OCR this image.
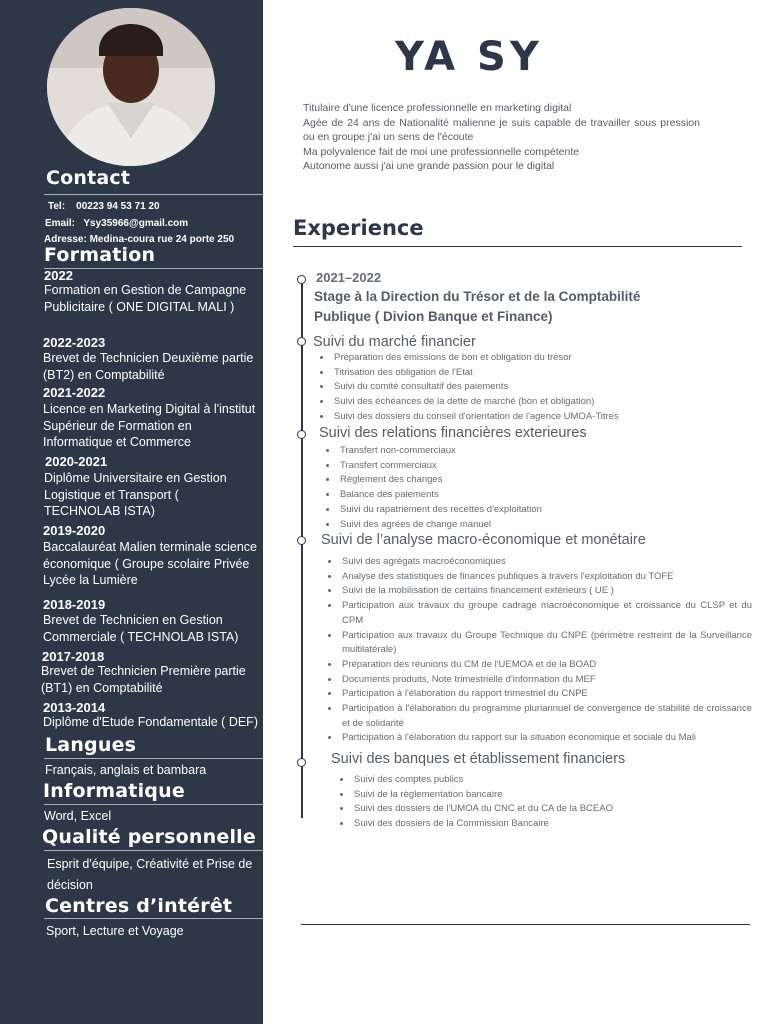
Contact
Tel: 00223 94 53 71 20
Email: Ysy35966@gmail.com
Adresse: Medina-coura rue 24 porte 250
Formation
2022
Formation en Gestion de Campagne Publicitaire ( ONE DIGITAL MALI )
2022-2023
Brevet de Technicien Deuxième partie (BT2) en Comptabilité
2021-2022
Licence en Marketing Digital à l'institut Supérieur de Formation en Informatique et Commerce
2020-2021
Diplôme Universitaire en Gestion Logistique et Transport ( TECHNOLAB ISTA)
2019-2020
Baccalauréat Malien terminale science économique ( Groupe scolaire Privée Lycée la Lumière
2018-2019
Brevet de Technicien en Gestion Commerciale ( TECHNOLAB ISTA)
2017-2018
Brevet de Technicien Première partie (BT1) en Comptabilité
2013-2014
Diplôme d'Etude Fondamentale ( DEF)
Langues
Français, anglais et bambara
Informatique
Word, Excel
Qualité personnelle
Esprit d'équipe, Créativité et Prise de décision
Centres d’intérêt
Sport, Lecture et Voyage
YA SY
Titulaire d'une licence professionnelle en marketing digital
Agée de 24 ans de Nationalité malienne je suis capable de travailler sous pression ou en groupe j'ai un sens de l'écoute
Ma polyvalence fait de moi une professionnelle compétente
Autonome aussi j'ai une grande passion pour le digital
Experience
2021–2022
Stage à la Direction du Trésor et de la Comptabilité Publique ( Divion Banque et Finance)
Suivi du marché financier
• Préparation des émissions de bon et obligation du trésor
• Titrisation des obligation de l'Etat
• Suivi du comité consultatif des paiements
• Suivi des échéances de la dette de marché (bon et obligation)
• Suivi des dossiers du conseil d'orientation de l'agence UMOA-Titres
Suivi des relations financières exterieures
• Transfert non-commerciaux
• Transfert commerciaux
• Règlement des changes
• Balance des paiements
• Suivi du rapatriement des recettes d'exploitation
• Suivi des agrées de change manuel
Suivi de l’analyse macro-économique et monétaire
• Suivi des agrégats macroéconomiques
• Analyse des statistiques de finances publiques à travers l'exploitation du TOFE
• Suivi de la mobilisation de certains financement extérieurs ( UE )
• Participation aux travaux du groupe cadrage macroéconomique et croissance du CLSP et du CPM
• Participation aux travaux du Groupe Technique du CNPE (périmètre restreint de la Surveillance multilatérale)
• Préparation des réunions du CM de l'UEMOA et de la BOAD
• Documents produits, Note trimestrielle d'information du MEF
• Participation à l'élaboration du rapport trimestriel du CNPE
• Participation à l'élaboration du programme pluriannuel de convergence de stabilité de croissance et de solidarité
• Participation à l'élaboration du rapport sur la situation économique et sociale du Mali
Suivi des banques et établissement financiers
• Suivi des comptes publics
• Suivi de la règlementation bancaire
• Suivi des dossiers de l'UMOA du CNC et du CA de la BCEAO
• Suivi des dossiers de la Commission Bancaire
